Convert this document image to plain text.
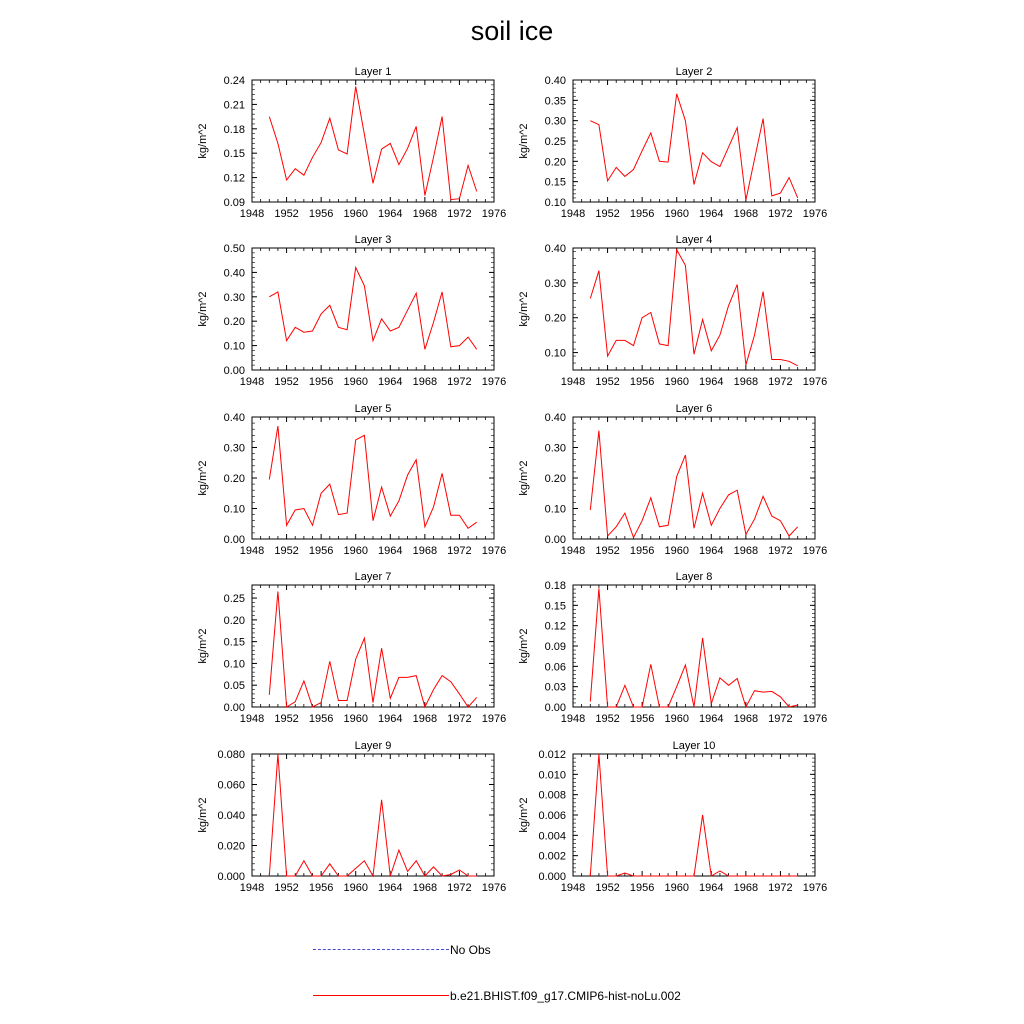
soil ice
Layer 1
kg/m^2
1948 1952 1956 1960 1964 1968 1972 1976
0.09
0.12
0.15
0.18
0.21
0.24
Layer 2
kg/m^2
1948 1952 1956 1960 1964 1968 1972 1976
0.10
0.15
0.20
0.25
0.30
0.35
0.40
Layer 3
kg/m^2
1948 1952 1956 1960 1964 1968 1972 1976
0.00
0.10
0.20
0.30
0.40
0.50
Layer 4
kg/m^2
1948 1952 1956 1960 1964 1968 1972 1976
0.10
0.20
0.30
0.40
Layer 5
kg/m^2
1948 1952 1956 1960 1964 1968 1972 1976
0.00
0.10
0.20
0.30
0.40
Layer 6
kg/m^2
1948 1952 1956 1960 1964 1968 1972 1976
0.00
0.10
0.20
0.30
0.40
Layer 7
kg/m^2
1948 1952 1956 1960 1964 1968 1972 1976
0.00
0.05
0.10
0.15
0.20
0.25
Layer 8
kg/m^2
1948 1952 1956 1960 1964 1968 1972 1976
0.00
0.03
0.06
0.09
0.12
0.15
0.18
Layer 9
kg/m^2
1948 1952 1956 1960 1964 1968 1972 1976
0.000
0.020
0.040
0.060
0.080
Layer 10
kg/m^2
1948 1952 1956 1960 1964 1968 1972 1976
0.000
0.002
0.004
0.006
0.008
0.010
0.012
No Obs
b.e21.BHIST.f09_g17.CMIP6-hist-noLu.002
